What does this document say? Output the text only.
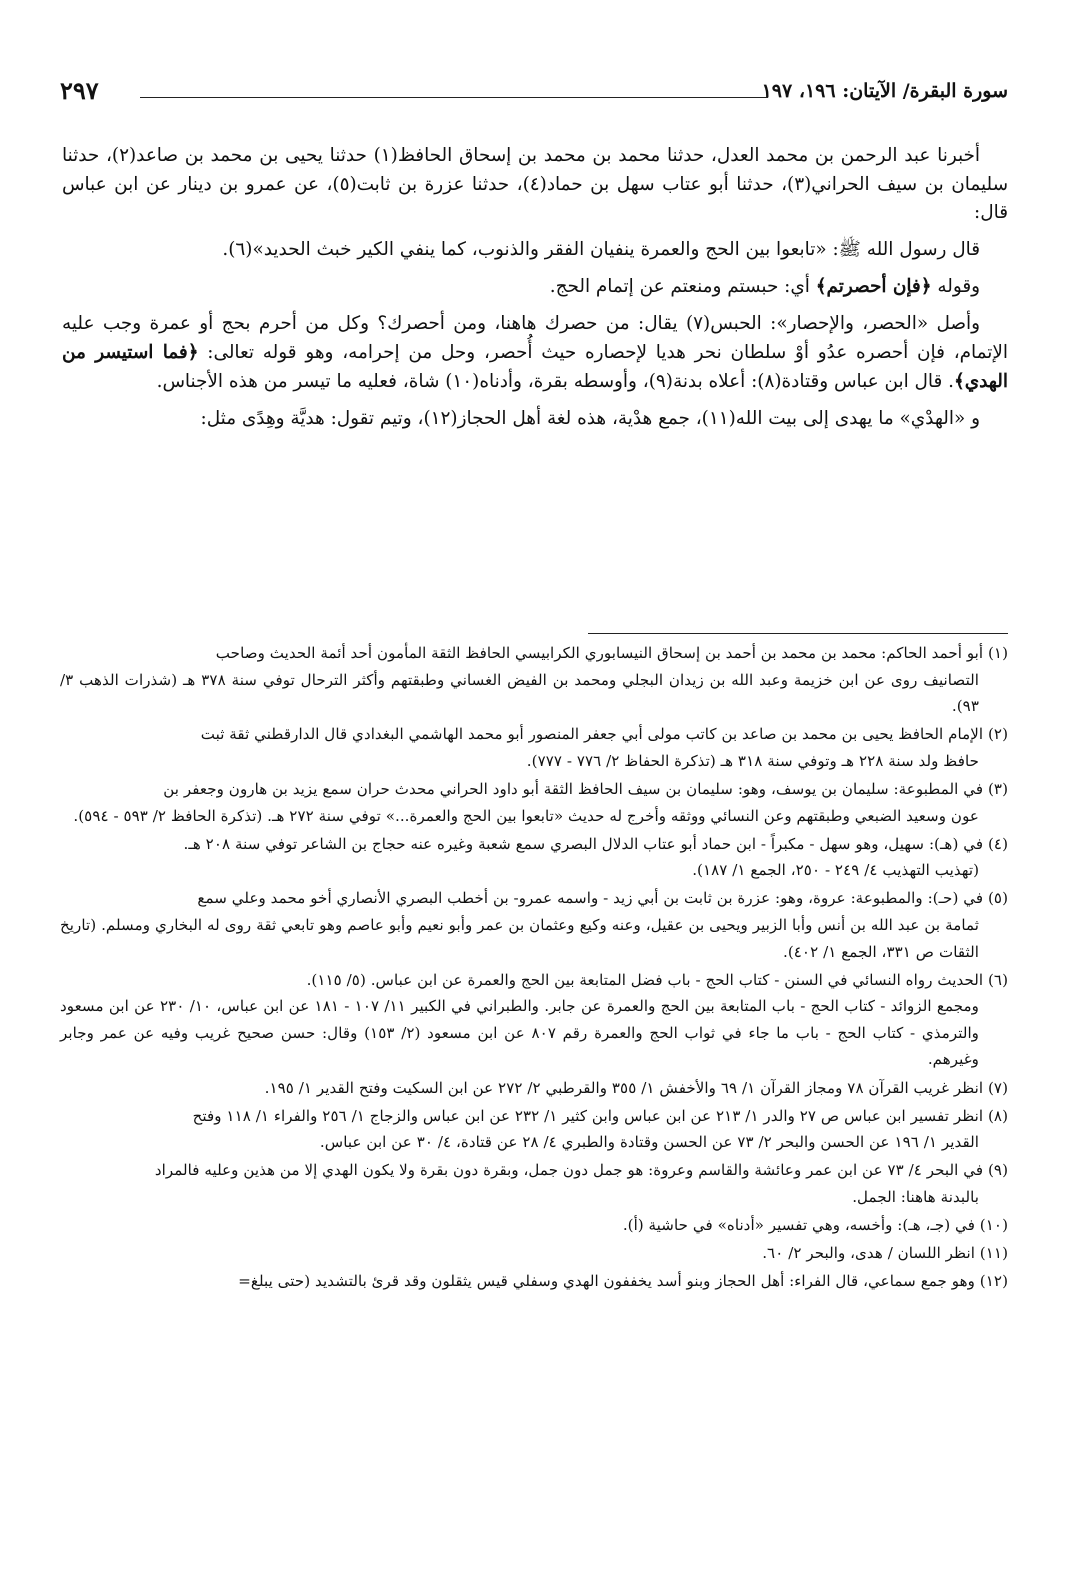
سورة البقرة/ الآيتان: ١٩٦، ١٩٧
٢٩٧

أخبرنا عبد الرحمن بن محمد العدل، حدثنا محمد بن محمد بن إسحاق الحافظ(١) حدثنا يحيى بن محمد بن صاعد(٢)، حدثنا سليمان بن سيف الحراني(٣)، حدثنا أبو عتاب سهل بن حماد(٤)، حدثنا عزرة بن ثابت(٥)، عن عمرو بن دينار عن ابن عباس قال:

قال رسول الله ﷺ: «تابعوا بين الحج والعمرة ينفيان الفقر والذنوب، كما ينفي الكير خبث الحديد»(٦).

وقوله ﴿فإن أحصرتم﴾ أي: حبستم ومنعتم عن إتمام الحج.

وأصل «الحصر، والإحصار»: الحبس(٧) يقال: من حصرك هاهنا، ومن أحصرك؟ وكل من أحرم بحج أو عمرة وجب عليه الإتمام، فإن أحصره عدُو أوْ سلطان نحر هديا لإحصاره حيث أُحصر، وحل من إحرامه، وهو قوله تعالى: ﴿فما استيسر من الهدي﴾. قال ابن عباس وقتادة(٨): أعلاه بدنة(٩)، وأوسطه بقرة، وأدناه(١٠) شاة، فعليه ما تيسر من هذه الأجناس.

و «الهدْي» ما يهدى إلى بيت الله(١١)، جمع هدْية، هذه لغة أهل الحجاز(١٢)، وتيم تقول: هديَّة وهِدًى مثل:

(١) أبو أحمد الحاكم: محمد بن محمد بن أحمد بن إسحاق النيسابوري الكرابيسي الحافظ الثقة المأمون أحد أئمة الحديث وصاحب
التصانيف روى عن ابن خزيمة وعبد الله بن زيدان البجلي ومحمد بن الفيض الغساني وطبقتهم وأكثر الترحال توفي سنة ٣٧٨ هـ (شذرات الذهب ٣/ ٩٣).
(٢) الإمام الحافظ يحيى بن محمد بن صاعد بن كاتب مولى أبي جعفر المنصور أبو محمد الهاشمي البغدادي قال الدارقطني ثقة ثبت
حافظ ولد سنة ٢٢٨ هـ وتوفي سنة ٣١٨ هـ (تذكرة الحفاظ ٢/ ٧٧٦ - ٧٧٧).
(٣) في المطبوعة: سليمان بن يوسف، وهو: سليمان بن سيف الحافظ الثقة أبو داود الحراني محدث حران سمع يزيد بن هارون وجعفر بن
عون وسعيد الضبعي وطبقتهم وعن النسائي ووثقه وأخرج له حديث «تابعوا بين الحج والعمرة...» توفي سنة ٢٧٢ هـ. (تذكرة الحافظ ٢/ ٥٩٣ - ٥٩٤).
(٤) في (هـ): سهيل، وهو سهل - مكبراً - ابن حماد أبو عتاب الدلال البصري سمع شعبة وغيره عنه حجاج بن الشاعر توفي سنة ٢٠٨ هـ.
(تهذيب التهذيب ٤/ ٢٤٩ - ٢٥٠، الجمع ١/ ١٨٧).
(٥) في (حـ): والمطبوعة: عروة، وهو: عزرة بن ثابت بن أبي زيد - واسمه عمرو- بن أخطب البصري الأنصاري أخو محمد وعلي سمع
ثمامة بن عبد الله بن أنس وأبا الزبير ويحيى بن عقيل، وعنه وكيع وعثمان بن عمر وأبو نعيم وأبو عاصم وهو تابعي ثقة روى له البخاري ومسلم. (تاريخ الثقات ص ٣٣١، الجمع ١/ ٤٠٢).
(٦) الحديث رواه النسائي في السنن - كتاب الحج - باب فضل المتابعة بين الحج والعمرة عن ابن عباس. (٥/ ١١٥).
ومجمع الزوائد - كتاب الحج - باب المتابعة بين الحج والعمرة عن جابر. والطبراني في الكبير ١١/ ١٠٧ - ١٨١ عن ابن عباس، ١٠/ ٢٣٠ عن ابن مسعود والترمذي - كتاب الحج - باب ما جاء في ثواب الحج والعمرة رقم ٨٠٧ عن ابن مسعود (٢/ ١٥٣) وقال: حسن صحيح غريب وفيه عن عمر وجابر وغيرهم.
(٧) انظر غريب القرآن ٧٨ ومجاز القرآن ١/ ٦٩ والأخفش ١/ ٣٥٥ والقرطبي ٢/ ٢٧٢ عن ابن السكيت وفتح القدير ١/ ١٩٥.
(٨) انظر تفسير ابن عباس ص ٢٧ والدر ١/ ٢١٣ عن ابن عباس وابن كثير ١/ ٢٣٢ عن ابن عباس والزجاج ١/ ٢٥٦ والفراء ١/ ١١٨ وفتح
القدير ١/ ١٩٦ عن الحسن والبحر ٢/ ٧٣ عن الحسن وقتادة والطبري ٤/ ٢٨ عن قتادة، ٤/ ٣٠ عن ابن عباس.
(٩) في البحر ٤/ ٧٣ عن ابن عمر وعائشة والقاسم وعروة: هو جمل دون جمل، وبقرة دون بقرة ولا يكون الهدي إلا من هذين وعليه فالمراد
بالبدنة هاهنا: الجمل.
(١٠) في (جـ، هـ): وأخسه، وهي تفسير «أدناه» في حاشية (أ).
(١١) انظر اللسان / هدى، والبحر ٢/ ٦٠.
(١٢) وهو جمع سماعي، قال الفراء: أهل الحجاز وبنو أسد يخففون الهدي وسفلي قيس يثقلون وقد قرئ بالتشديد (حتى يبلغ=
